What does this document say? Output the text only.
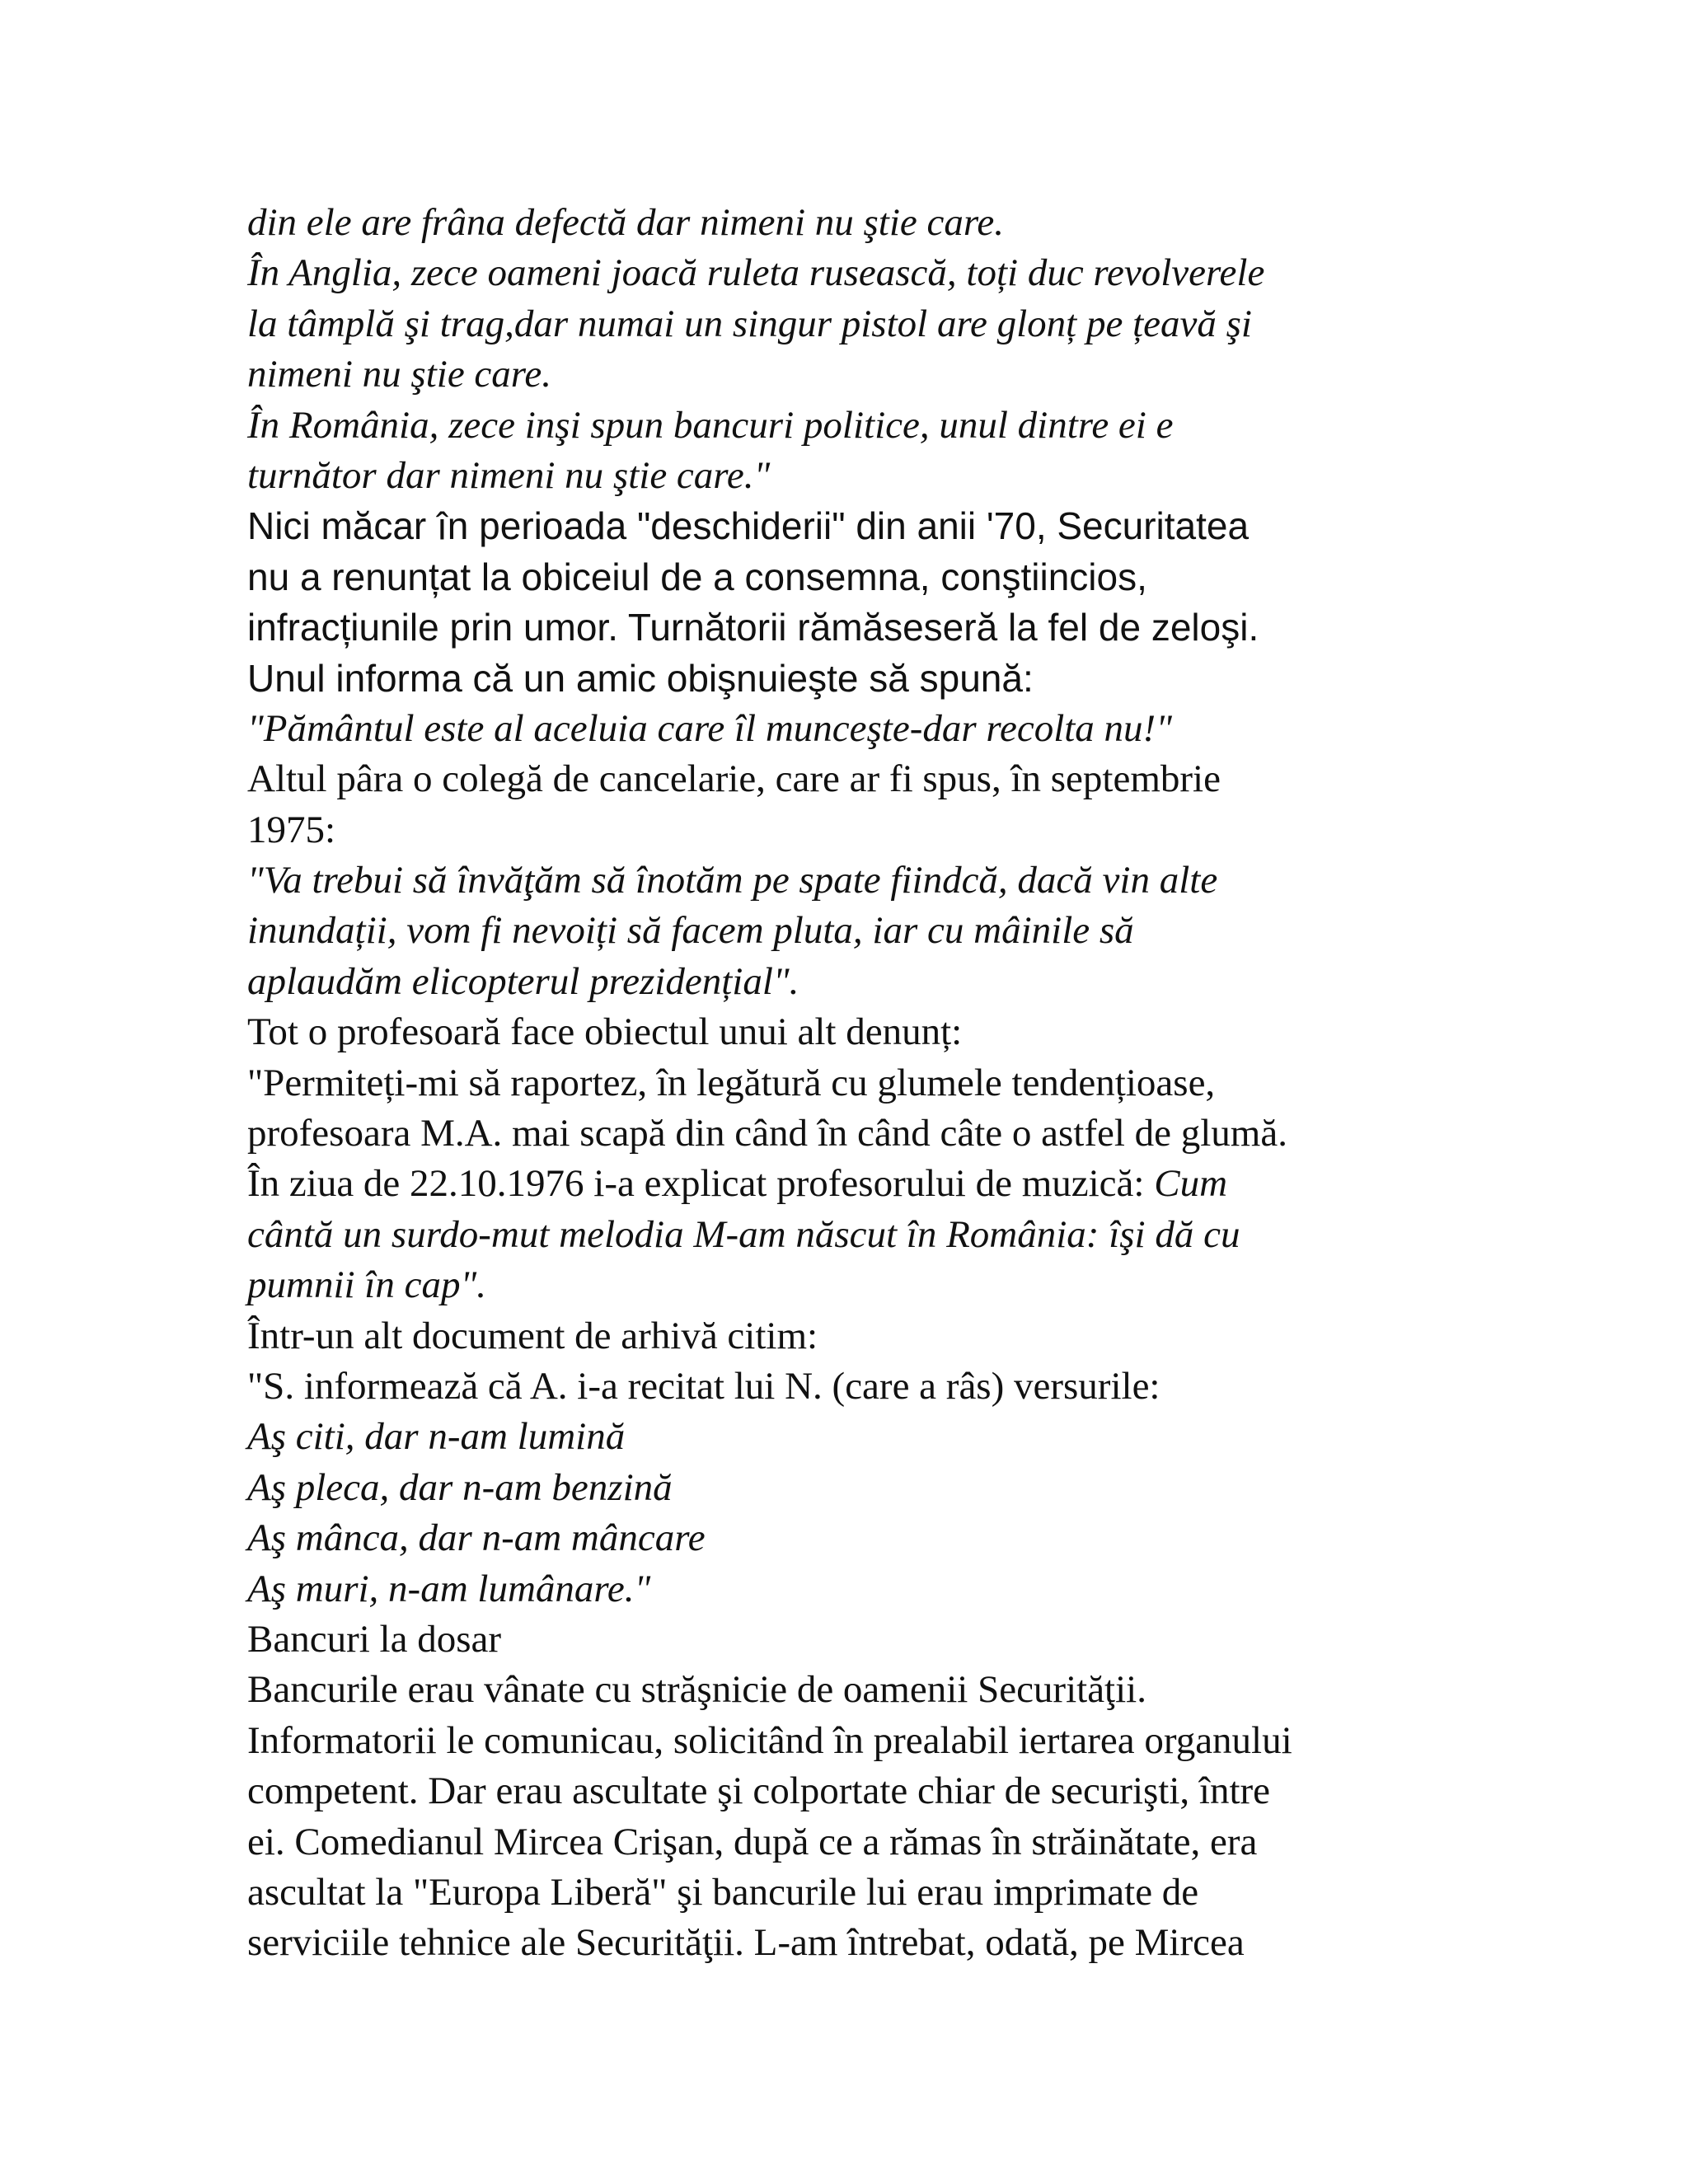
din ele are frâna defectă dar nimeni nu ştie care.
În Anglia, zece oameni joacă ruleta rusească, toți duc revolverele
la tâmplă şi trag,dar numai un singur pistol are glonț pe țeavă şi
nimeni nu ştie care.
În România, zece inşi spun bancuri politice, unul dintre ei e
turnător dar nimeni nu ştie care."
Nici măcar în perioada "deschiderii" din anii '70, Securitatea
nu a renunțat la obiceiul de a consemna, conştiincios,
infracțiunile prin umor. Turnătorii rămăseseră la fel de zeloşi.
Unul informa că un amic obişnuieşte să spună:
"Pământul este al aceluia care îl munceşte-dar recolta nu!"
Altul pâra o colegă de cancelarie, care ar fi spus, în septembrie
1975:
"Va trebui să învăţăm să înotăm pe spate fiindcă, dacă vin alte
inundații, vom fi nevoiți să facem pluta, iar cu mâinile să
aplaudăm elicopterul prezidențial".
Tot o profesoară face obiectul unui alt denunț:
"Permiteți-mi să raportez, în legătură cu glumele tendențioase,
profesoara M.A. mai scapă din când în când câte o astfel de glumă.
În ziua de 22.10.1976 i-a explicat profesorului de muzică: Cum
cântă un surdo-mut melodia M-am născut în România: îşi dă cu
pumnii în cap".
Într-un alt document de arhivă citim:
"S. informează că A. i-a recitat lui N. (care a râs) versurile:
Aş citi, dar n-am lumină
Aş pleca, dar n-am benzină
Aş mânca, dar n-am mâncare
Aş muri, n-am lumânare."
Bancuri la dosar
Bancurile erau vânate cu străşnicie de oamenii Securităţii.
Informatorii le comunicau, solicitând în prealabil iertarea organului
competent. Dar erau ascultate şi colportate chiar de securişti, între
ei. Comedianul Mircea Crişan, după ce a rămas în străinătate, era
ascultat la "Europa Liberă" şi bancurile lui erau imprimate de
serviciile tehnice ale Securităţii. L-am întrebat, odată, pe Mircea
